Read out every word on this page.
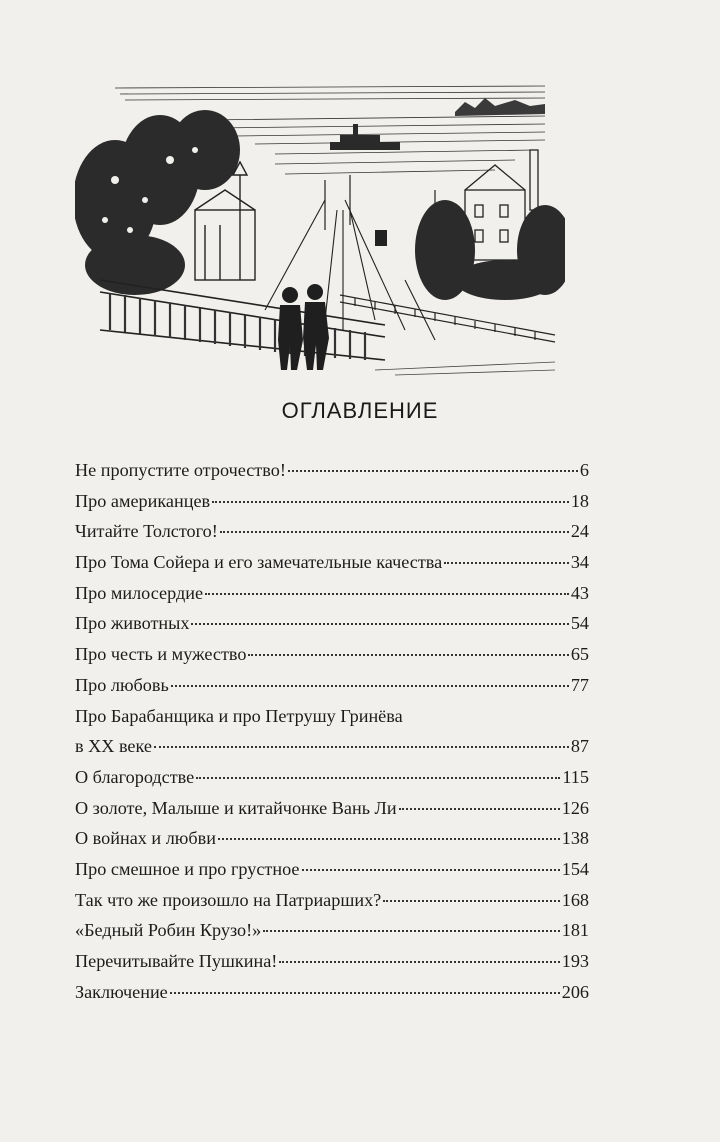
ОГЛАВЛЕНИЕ
Не пропустите отрочество!	6
Про американцев	18
Читайте Толстого!	24
Про Тома Сойера и его замечательные качества	34
Про милосердие	43
Про животных	54
Про честь и мужество	65
Про любовь	77
Про Барабанщика и про Петрушу Гринёва
в XX веке	87
О благородстве	115
О золоте, Малыше и китайчонке Вань Ли	126
О войнах и любви	138
Про смешное и про грустное	154
Так что же произошло на Патриарших?	168
«Бедный Робин Крузо!»	181
Перечитывайте Пушкина!	193
Заключение	206
